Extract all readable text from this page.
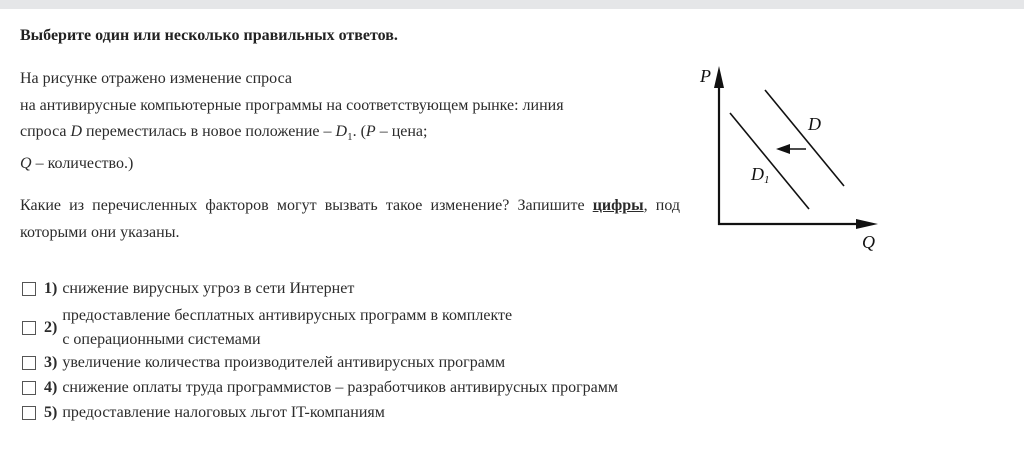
Выберите один или несколько правильных ответов.

На рисунке отражено изменение спроса

на антивирусные компьютерные программы на соответствующем рынке: линия

спроса D переместилась в новое положение – $D_1$. (P – цена;

Q – количество.)

Какие из перечисленных факторов могут вызвать такое изменение? Запишите цифры, под которыми они указаны.

1) снижение вирусных угроз в сети Интернет
2)
предоставление бесплатных антивирусных программ в комплекте
с операционными системами
3) увеличение количества производителей антивирусных программ
4) снижение оплаты труда программистов – разработчиков антивирусных программ
5) предоставление налоговых льгот IT-компаниям
P
Q
D
D1
